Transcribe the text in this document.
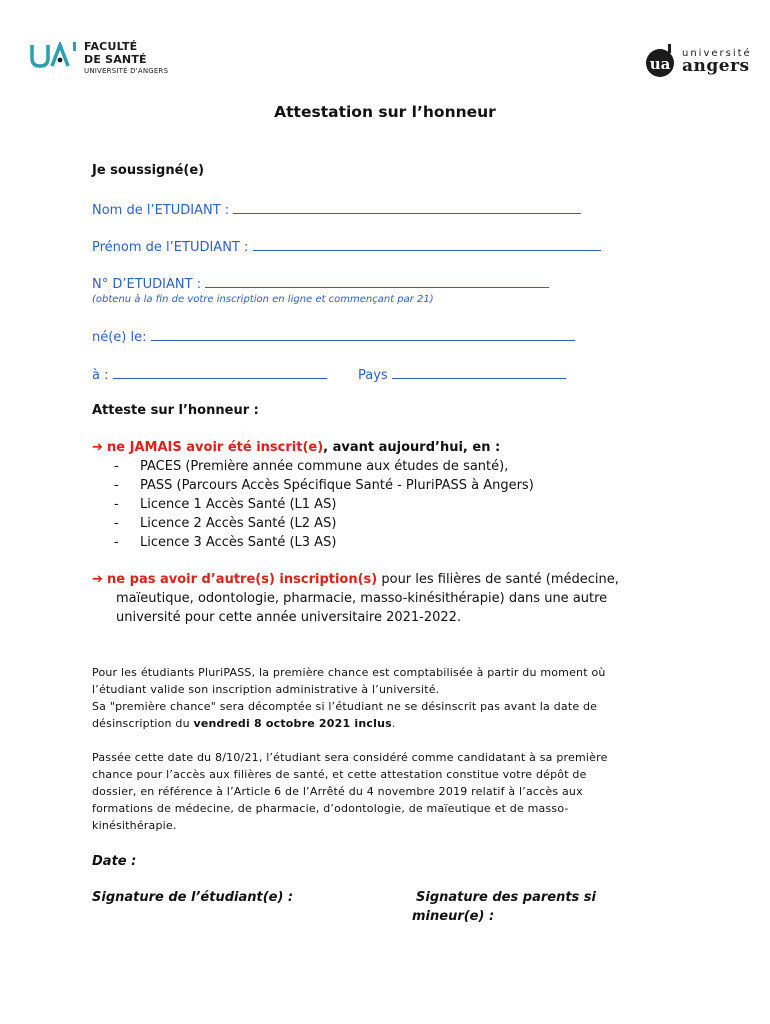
FACULTÉ
DE SANTÉ
UNIVERSITÉ D'ANGERS	ua
université
angers
Attestation sur l’honneur
Je soussigné(e)
Nom de l’ETUDIANT :
Prénom de l’ETUDIANT :
N° D’ETUDIANT :
(obtenu à la fin de votre inscription en ligne et commençant par 21)
né(e) le:
à :	Pays
Atteste sur l’honneur :
➔ ne JAMAIS avoir été inscrit(e), avant aujourd’hui, en :
- PACES (Première année commune aux études de santé),
- PASS (Parcours Accès Spécifique Santé - PluriPASS à Angers)
- Licence 1 Accès Santé (L1 AS)
- Licence 2 Accès Santé (L2 AS)
- Licence 3 Accès Santé (L3 AS)
➔ ne pas avoir d’autre(s) inscription(s) pour les filières de santé (médecine,
maïeutique, odontologie, pharmacie, masso-kinésithérapie) dans une autre
université pour cette année universitaire 2021-2022.
Pour les étudiants PluriPASS, la première chance est comptabilisée à partir du moment où
l’étudiant valide son inscription administrative à l’université.
Sa "première chance" sera décomptée si l’étudiant ne se désinscrit pas avant la date de
désinscription du vendredi 8 octobre 2021 inclus.
Passée cette date du 8/10/21, l’étudiant sera considéré comme candidatant à sa première
chance pour l’accès aux filières de santé, et cette attestation constitue votre dépôt de
dossier, en référence à l’Article 6 de l’Arrêté du 4 novembre 2019 relatif à l’accès aux
formations de médecine, de pharmacie, d’odontologie, de maïeutique et de masso-
kinésithérapie.
Date :
Signature de l’étudiant(e) :	Signature des parents si
mineur(e) :
